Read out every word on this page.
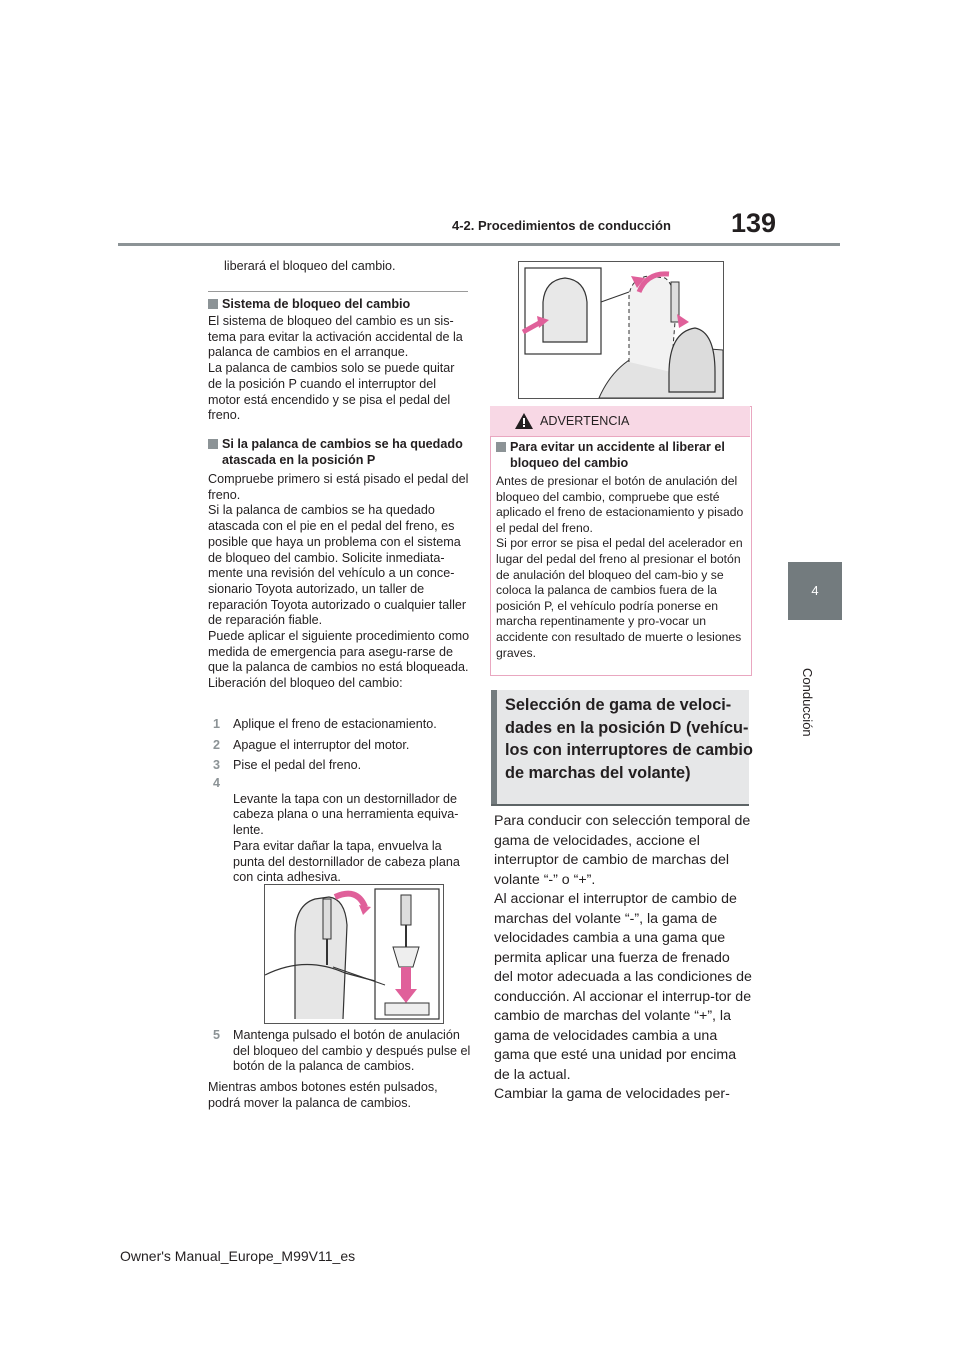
4-2. Procedimientos de conducción 139
4
Conducción
liberará el bloqueo del cambio.
Sistema de bloqueo del cambio
El sistema de bloqueo del cambio es un sis-tema para evitar la activación accidental de la palanca de cambios en el arranque.
La palanca de cambios solo se puede quitar de la posición P cuando el interruptor del motor está encendido y se pisa el pedal del freno.
Si la palanca de cambios se ha quedado atascada en la posición P
Compruebe primero si está pisado el pedal del freno.
Si la palanca de cambios se ha quedado atascada con el pie en el pedal del freno, es posible que haya un problema con el sistema de bloqueo del cambio. Solicite inmediata-mente una revisión del vehículo a un conce-sionario Toyota autorizado, un taller de reparación Toyota autorizado o cualquier taller de reparación fiable.
Puede aplicar el siguiente procedimiento como medida de emergencia para asegu-rarse de que la palanca de cambios no está bloqueada.
Liberación del bloqueo del cambio:
1 Aplique el freno de estacionamiento.
2 Apague el interruptor del motor.
3 Pise el pedal del freno.

4
Levante la tapa con un destornillador de cabeza plana o una herramienta equiva-lente.
Para evitar dañar la tapa, envuelva la punta del destornillador de cabeza plana con cinta adhesiva.

5 Mantenga pulsado el botón de anulación del bloqueo del cambio y después pulse el botón de la palanca de cambios.
Mientras ambos botones estén pulsados, podrá mover la palanca de cambios.
ADVERTENCIA
Para evitar un accidente al liberar el bloqueo del cambio
Antes de presionar el botón de anulación del bloqueo del cambio, compruebe que esté aplicado el freno de estacionamiento y pisado el pedal del freno.
Si por error se pisa el pedal del acelerador en lugar del pedal del freno al presionar el botón de anulación del bloqueo del cam-bio y se coloca la palanca de cambios fuera de la posición P, el vehículo podría ponerse en marcha repentinamente y pro-vocar un accidente con resultado de muerte o lesiones graves.
Selección de gama de veloci-dades en la posición D (vehícu-los con interruptores de cambio de marchas del volante)
Para conducir con selección temporal de gama de velocidades, accione el interruptor de cambio de marchas del volante “-” o “+”.
Al accionar el interruptor de cambio de marchas del volante “-”, la gama de velocidades cambia a una gama que permita aplicar una fuerza de frenado del motor adecuada a las condiciones de conducción. Al accionar el interrup-tor de cambio de marchas del volante “+”, la gama de velocidades cambia a una gama que esté una unidad por encima de la actual.
Cambiar la gama de velocidades per-
Owner's Manual_Europe_M99V11_es
